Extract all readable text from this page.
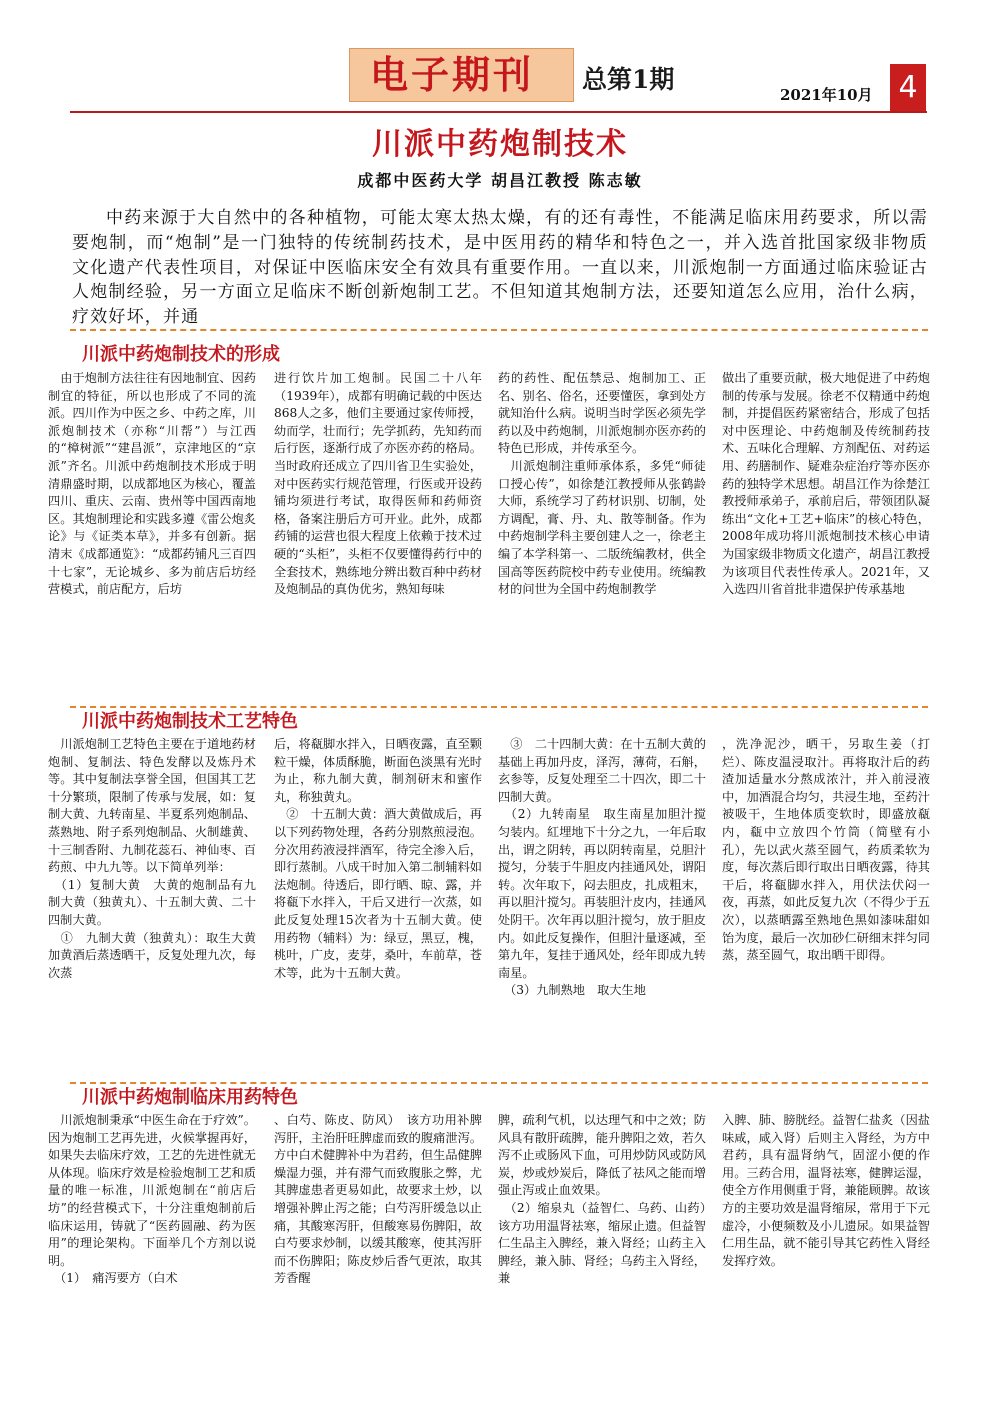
电子期刊 总第1期
2021年10月 4
川派中药炮制技术
成都中医药大学 胡昌江教授 陈志敏

中药来源于大自然中的各种植物，可能太寒太热太燥，有的还有毒性，不能满足临床用药要求，所以需要炮制，而“炮制”是一门独特的传统制药技术，是中医用药的精华和特色之一，并入选首批国家级非物质文化遗产代表性项目，对保证中医临床安全有效具有重要作用。一直以来，川派炮制一方面通过临床验证古人炮制经验，另一方面立足临床不断创新炮制工艺。不但知道其炮制方法，还要知道怎么应用，治什么病，疗效好坏，并通

川派中药炮制技术的形成

　由于炮制方法往往有因地制宜、因药制宜的特征，所以也形成了不同的流派。四川作为中医之乡、中药之库，川派炮制技术（亦称“川帮”）与江西的“樟树派”“建昌派”，京津地区的“京派”齐名。川派中药炮制技术形成于明清鼎盛时期，以成都地区为核心，覆盖四川、重庆、云南、贵州等中国西南地区。其炮制理论和实践多遵《雷公炮炙论》与《证类本草》，并多有创新。据清末《成都通览》：“成都药铺凡三百四十七家”，无论城乡、多为前店后坊经营模式，前店配方，后坊

进行饮片加工炮制。民国二十八年（1939年），成都有明确记载的中医达868人之多，他们主要通过家传师授，幼而学，壮而行；先学抓药，先知药而后行医，逐渐行成了亦医亦药的格局。当时政府还成立了四川省卫生实验处，对中医药实行规范管理，行医或开设药铺均须进行考试，取得医师和药师资格，备案注册后方可开业。此外，成都药铺的运营也很大程度上依赖于技术过硬的“头柜”，头柜不仅要懂得药行中的全套技术，熟练地分辨出数百种中药材及炮制品的真伪优劣，熟知每味

药的药性、配伍禁忌、炮制加工、正名、别名、俗名，还要懂医，拿到处方就知治什么病。说明当时学医必须先学药以及中药炮制，川派炮制亦医亦药的特色已形成，并传承至今。
　川派炮制注重师承体系，多凭“师徒口授心传”，如徐楚江教授师从张鹤龄大师，系统学习了药材识别、切制，处方调配，膏、丹、丸、散等制备。作为中药炮制学科主要创建人之一，徐老主编了本学科第一、二版统编教材，供全国高等医药院校中药专业使用。统编教材的问世为全国中药炮制教学

做出了重要贡献，极大地促进了中药炮制的传承与发展。徐老不仅精通中药炮制，并提倡医药紧密结合，形成了包括对中医理论、中药炮制及传统制药技术、五味化合理解、方剂配伍、对药运用、药膳制作、疑难杂症治疗等亦医亦药的独特学术思想。胡昌江作为徐楚江教授师承弟子，承前启后，带领团队凝练出“文化+工艺+临床”的核心特色，2008年成功将川派炮制技术核心申请为国家级非物质文化遗产，胡昌江教授为该项目代表性传承人。2021年，又入选四川省首批非遗保护传承基地

川派中药炮制技术工艺特色

　川派炮制工艺特色主要在于道地药材炮制、复制法、特色发酵以及炼丹术等。其中复制法享誉全国，但国其工艺十分繁琐，限制了传承与发展，如：复制大黄、九转南星、半夏系列炮制品、蒸熟地、附子系列炮制品、火制雄黄、十三制香附、九制花蕊石、神仙枣、百药煎、中九九等。以下简单列举：
　（1）复制大黄　大黄的炮制品有九制大黄（独黄丸）、十五制大黄、二十四制大黄。
　①　九制大黄（独黄丸）：取生大黄加黄酒后蒸透晒干，反复处理九次，每次蒸

后，将瓻脚水拌入，日晒夜露，直至颗粒干燥，体质酥脆，断面色淡黑有光时为止，称九制大黄，制剂研末和蜜作丸，称独黄丸。
　②　十五制大黄：酒大黄做成后，再以下列药物处理，各药分别熬煎浸泡。分次用药液浸拌酒军，待完全渗入后，即行蒸制。八成干时加入第二制辅料如法炮制。待透后，即行晒、晾、露，并将瓻下水拌入，干后又进行一次蒸，如此反复处理15次者为十五制大黄。使用药物（辅料）为：绿豆，黑豆，槐，桃叶，广皮，麦芽，桑叶，车前草，苍术等，此为十五制大黄。

　③　二十四制大黄：在十五制大黄的基础上再加丹皮，泽泻，薄荷，石斛，玄参等，反复处理至二十四次，即二十四制大黄。
　（2）九转南星　取生南星加胆汁搅匀装内。紅埋地下十分之九，一年后取出，谓之阴转，再以阴转南星，兑胆汁搅匀，分装于牛胆皮内挂通风处，谓阳转。次年取下，闷去胆皮，扎成粗末，再以胆汁搅匀。再装胆汁皮内，挂通风处阴干。次年再以胆汁搅匀，放于胆皮内。如此反复操作，但胆汁量逐减，至第九年，复挂于通风处，经年即成九转南星。
　（3）九制熟地　取大生地

，洗净泥沙，晒干，另取生姜（打烂）、陈皮温浸取汁。再将取汁后的药渣加适量水分熬成浓汁，并入前浸液中，加酒混合均匀，共浸生地，至药汁被吸干，生地体质变软时，即盛放瓻内，瓻中立放四个竹筒（简壁有小孔），先以武火蒸至圆气，药质柔软为度，每次蒸后即行取出日晒夜露，待其干后，将瓻脚水拌入，用伏法伏闷一夜，再蒸，如此反复九次（不得少于五次），以蒸晒露至熟地色黑如漆味甜如饴为度，最后一次加砂仁研细末拌匀同蒸，蒸至圆气，取出晒干即得。

川派中药炮制临床用药特色

　川派炮制秉承“中医生命在于疗效”。因为炮制工艺再先进，火候掌握再好，如果失去临床疗效，工艺的先进性就无从体现。临床疗效是检验炮制工艺和质量的唯一标准，川派炮制在“前店后坊”的经营模式下，十分注重炮制前后临床运用，铸就了“医药圆融、药为医用”的理论架构。下面举几个方剂以说明。
　（1）　痛泻要方（白术

、白芍、陈皮、防风）　该方功用补脾泻肝，主治肝旺脾虚而致的腹痛泄泻。方中白术健脾补中为君药，但生品健脾燥湿力强，并有滞气而致腹胀之弊，尤其脾虚患者更易如此，故要求土炒，以增强补脾止泻之能；白芍泻肝缓急以止痛，其酸寒泻肝，但酸寒易伤脾阳，故白芍要求炒制，以缓其酸寒，使其泻肝而不伤脾阳；陈皮炒后香气更浓，取其芳香醒

脾，疏利气机，以达理气和中之效；防风具有散肝疏脾，能升脾阳之效，若久泻不止或肠风下血，可用炒防风或防风炭，炒或炒炭后，降低了祛风之能而增强止泻或止血效果。
　（2）缩泉丸（益智仁、乌药、山药）　该方功用温肾祛寒，缩尿止遗。但益智仁生品主入脾经，兼入肾经；山药主入脾经，兼入肺、肾经；乌药主入肾经，兼

入脾、肺、膀胱经。益智仁盐炙（因盐味咸，咸入肾）后则主入肾经，为方中君药，具有温肾纳气，固涩小便的作用。三药合用，温肾祛寒，健脾运湿，使全方作用侧重于肾，兼能顾脾。故该方的主要功效是温肾缩尿，常用于下元虚冷，小便频数及小儿遗尿。如果益智仁用生品，就不能引导其它药性入肾经发挥疗效。
